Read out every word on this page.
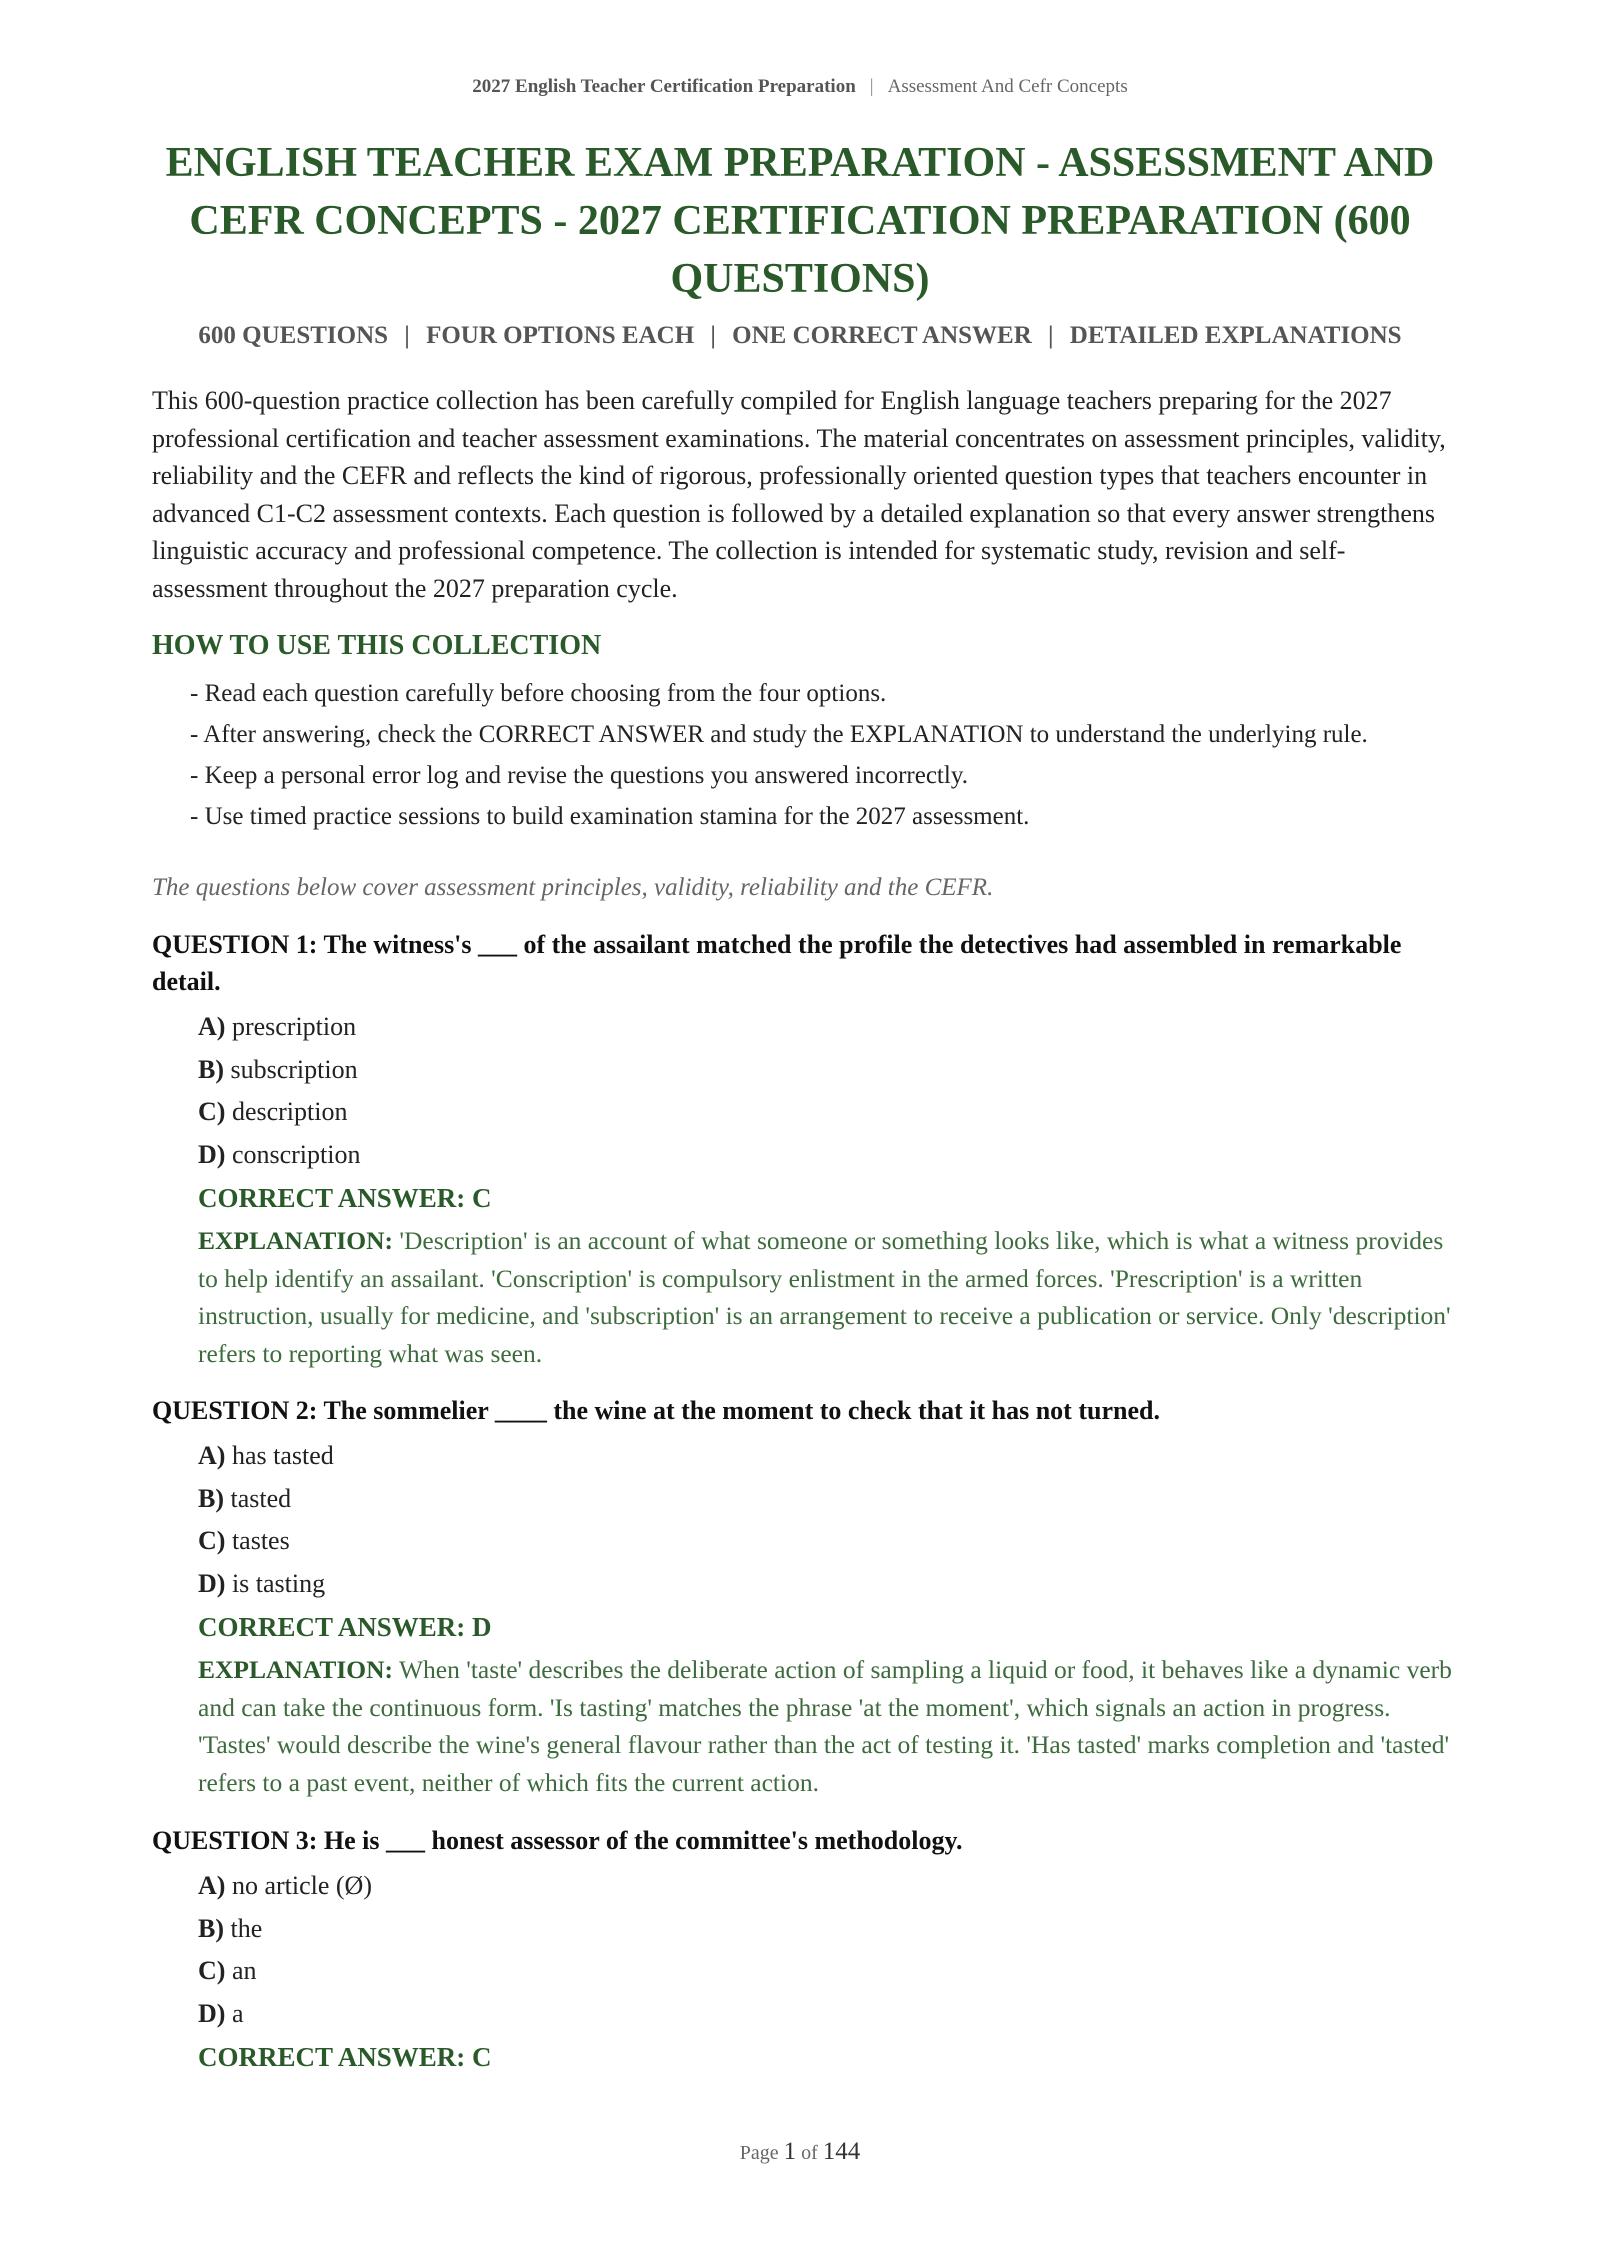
2027 English Teacher Certification Preparation | Assessment And Cefr Concepts
ENGLISH TEACHER EXAM PREPARATION - ASSESSMENT AND CEFR CONCEPTS - 2027 CERTIFICATION PREPARATION (600 QUESTIONS)
600 QUESTIONS | FOUR OPTIONS EACH | ONE CORRECT ANSWER | DETAILED EXPLANATIONS

This 600-question practice collection has been carefully compiled for English language teachers preparing for the 2027 professional certification and teacher assessment examinations. The material concentrates on assessment principles, validity, reliability and the CEFR and reflects the kind of rigorous, professionally oriented question types that teachers encounter in advanced C1-C2 assessment contexts. Each question is followed by a detailed explanation so that every answer strengthens linguistic accuracy and professional competence. The collection is intended for systematic study, revision and self-assessment throughout the 2027 preparation cycle.

HOW TO USE THIS COLLECTION
- Read each question carefully before choosing from the four options.
- After answering, check the CORRECT ANSWER and study the EXPLANATION to understand the underlying rule.
- Keep a personal error log and revise the questions you answered incorrectly.
- Use timed practice sessions to build examination stamina for the 2027 assessment.

The questions below cover assessment principles, validity, reliability and the CEFR.

QUESTION 1: The witness's ___ of the assailant matched the profile the detectives had assembled in remarkable detail.

A) prescription
B) subscription
C) description
D) conscription

CORRECT ANSWER: C

EXPLANATION: 'Description' is an account of what someone or something looks like, which is what a witness provides to help identify an assailant. 'Conscription' is compulsory enlistment in the armed forces. 'Prescription' is a written instruction, usually for medicine, and 'subscription' is an arrangement to receive a publication or service. Only 'description' refers to reporting what was seen.

QUESTION 2: The sommelier ____ the wine at the moment to check that it has not turned.

A) has tasted
B) tasted
C) tastes
D) is tasting

CORRECT ANSWER: D

EXPLANATION: When 'taste' describes the deliberate action of sampling a liquid or food, it behaves like a dynamic verb and can take the continuous form. 'Is tasting' matches the phrase 'at the moment', which signals an action in progress. 'Tastes' would describe the wine's general flavour rather than the act of testing it. 'Has tasted' marks completion and 'tasted' refers to a past event, neither of which fits the current action.

QUESTION 3: He is ___ honest assessor of the committee's methodology.

A) no article (Ø)
B) the
C) an
D) a

CORRECT ANSWER: C

Page 1 of 144
